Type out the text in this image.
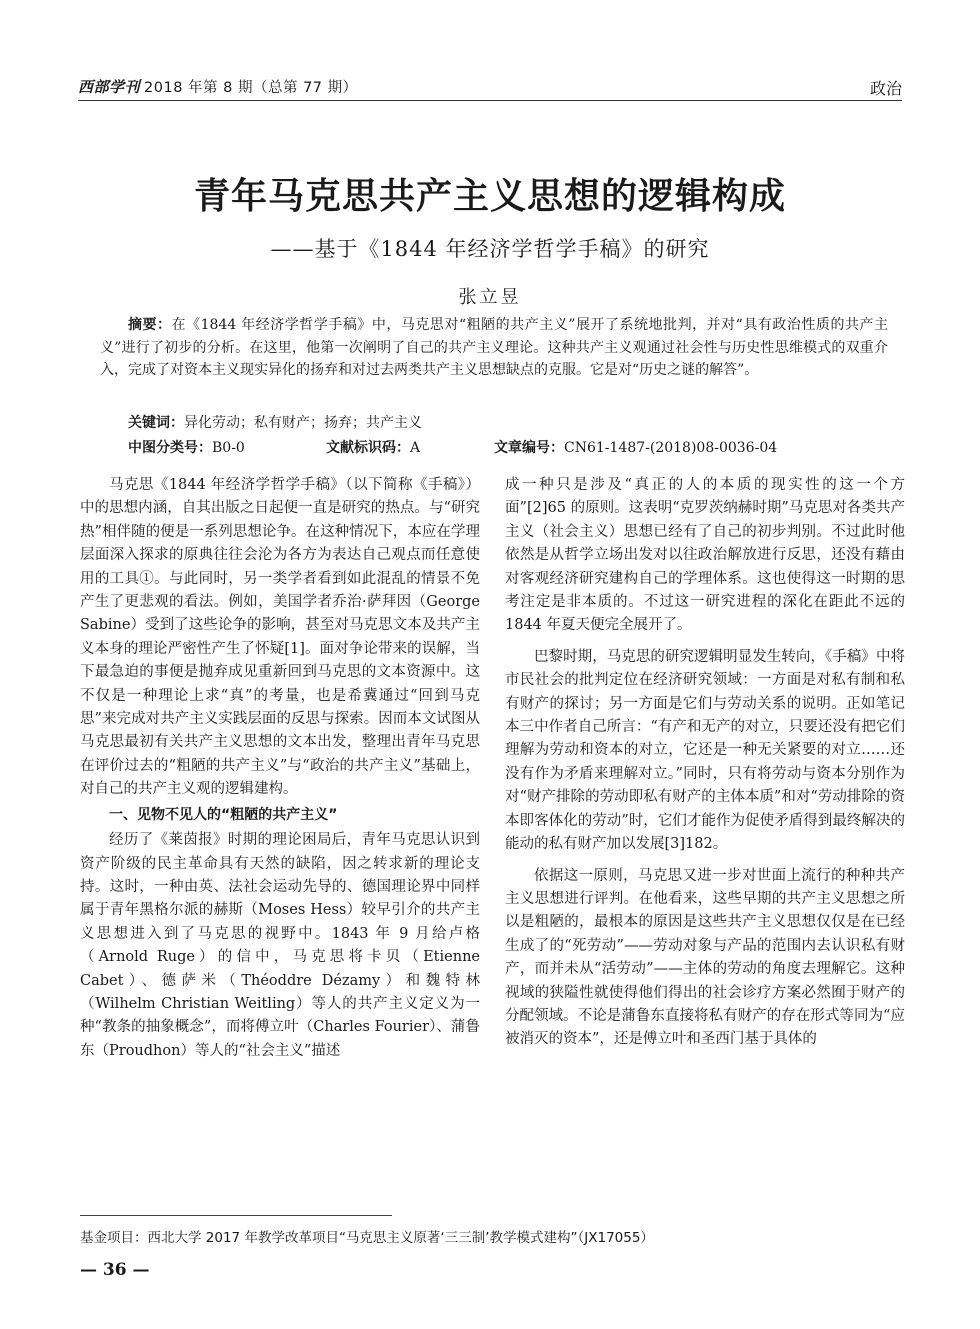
西部学刊 2018 年第 8 期（总第 77 期）	政治
青年马克思共产主义思想的逻辑构成
——基于《1844 年经济学哲学手稿》的研究
张立昱
摘要：在《1844 年经济学哲学手稿》中，马克思对“粗陋的共产主义”展开了系统地批判，并对“具有政治性质的共产主义”进行了初步的分析。在这里，他第一次阐明了自己的共产主义理论。这种共产主义观通过社会性与历史性思维模式的双重介入，完成了对资本主义现实异化的扬弃和对过去两类共产主义思想缺点的克服。它是对“历史之谜的解答”。
关键词：异化劳动；私有财产；扬弃；共产主义
中图分类号：B0-0	文献标识码：A	文章编号：CN61-1487-(2018)08-0036-04

马克思《1844 年经济学哲学手稿》（以下简称《手稿》）中的思想内涵，自其出版之日起便一直是研究的热点。与“研究热”相伴随的便是一系列思想论争。在这种情况下，本应在学理层面深入探求的原典往往会沦为各方为表达自己观点而任意使用的工具①。与此同时，另一类学者看到如此混乱的情景不免产生了更悲观的看法。例如，美国学者乔治·萨拜因（George Sabine）受到了这些论争的影响，甚至对马克思文本及共产主义本身的理论严密性产生了怀疑[1]。面对争论带来的误解，当下最急迫的事便是抛弃成见重新回到马克思的文本资源中。这不仅是一种理论上求“真”的考量，也是希冀通过“回到马克思”来完成对共产主义实践层面的反思与探索。因而本文试图从马克思最初有关共产主义思想的文本出发，整理出青年马克思在评价过去的“粗陋的共产主义”与“政治的共产主义”基础上，对自己的共产主义观的逻辑建构。

一、见物不见人的“粗陋的共产主义”

经历了《莱茵报》时期的理论困局后，青年马克思认识到资产阶级的民主革命具有天然的缺陷，因之转求新的理论支持。这时，一种由英、法社会运动先导的、德国理论界中同样属于青年黑格尔派的赫斯（Moses Hess）较早引介的共产主义思想进入到了马克思的视野中。1843 年 9 月给卢格（Arnold Ruge）的信中，马克思将卡贝（Etienne Cabet）、德萨米（Théoddre Dézamy）和魏特林（Wilhelm Christian Weitling）等人的共产主义定义为一种“教条的抽象概念”，而将傅立叶（Charles Fourier）、蒲鲁东（Proudhon）等人的“社会主义”描述

成一种只是涉及“真正的人的本质的现实性的这一个方面”[2]65 的原则。这表明“克罗茨纳赫时期”马克思对各类共产主义（社会主义）思想已经有了自己的初步判别。不过此时他依然是从哲学立场出发对以往政治解放进行反思，还没有藉由对客观经济研究建构自己的学理体系。这也使得这一时期的思考注定是非本质的。不过这一研究进程的深化在距此不远的 1844 年夏天便完全展开了。

巴黎时期，马克思的研究逻辑明显发生转向，《手稿》中将市民社会的批判定位在经济研究领域：一方面是对私有制和私有财产的探讨；另一方面是它们与劳动关系的说明。正如笔记本三中作者自己所言：“有产和无产的对立，只要还没有把它们理解为劳动和资本的对立，它还是一种无关紧要的对立……还没有作为矛盾来理解对立。”同时，只有将劳动与资本分别作为对“财产排除的劳动即私有财产的主体本质”和对“劳动排除的资本即客体化的劳动”时，它们才能作为促使矛盾得到最终解决的能动的私有财产加以发展[3]182。

依据这一原则，马克思又进一步对世面上流行的种种共产主义思想进行评判。在他看来，这些早期的共产主义思想之所以是粗陋的，最根本的原因是这些共产主义思想仅仅是在已经生成了的“死劳动”——劳动对象与产品的范围内去认识私有财产，而并未从“活劳动”——主体的劳动的角度去理解它。这种视域的狭隘性就使得他们得出的社会诊疗方案必然囿于财产的分配领域。不论是蒲鲁东直接将私有财产的存在形式等同为“应被消灭的资本”，还是傅立叶和圣西门基于具体的

基金项目：西北大学 2017 年教学改革项目“马克思主义原著‘三三制’教学模式建构”（JX17055）
— 36 —
